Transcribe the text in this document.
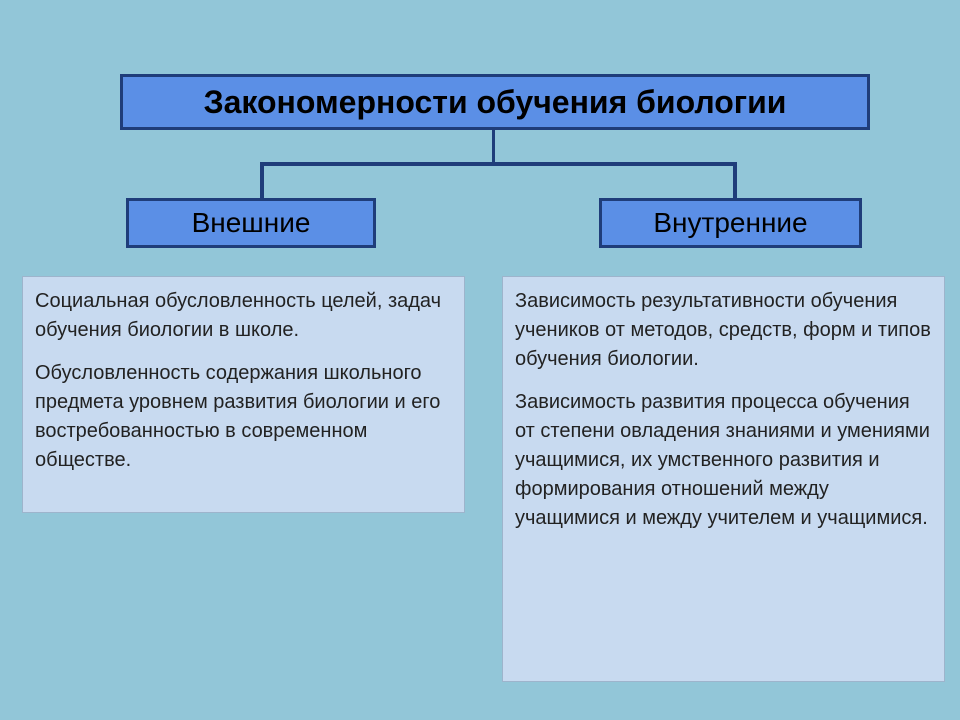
Закономерности обучения биологии
Внешние	Внутренние

Социальная обусловленность целей, задач обучения биологии в школе.

Обусловленность содержания школьного предмета уровнем развития биологии и его востребованностью в современном обществе.

Зависимость результативности обучения учеников от методов, средств, форм и типов обучения биологии.

Зависимость развития процесса обучения от степени овладения знаниями и умениями учащимися, их умственного развития и формирования отношений между учащимися и между учителем и учащимися.
